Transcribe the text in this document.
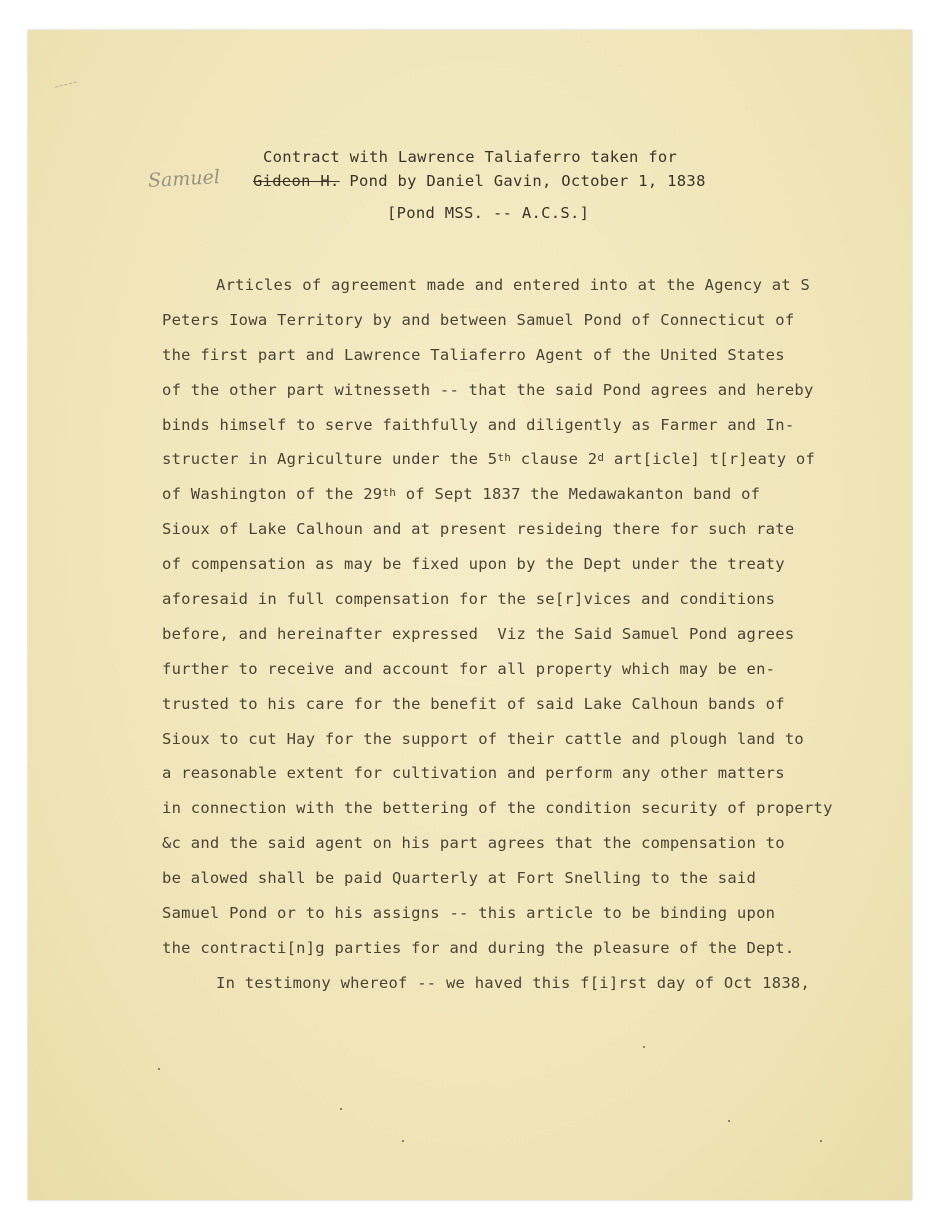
Contract with Lawrence Taliaferro taken for
Samuel Gideon H. Pond by Daniel Gavin, October 1, 1838
[Pond MSS. -- A.C.S.]
Articles of agreement made and entered into at the Agency at S
Peters Iowa Territory by and between Samuel Pond of Connecticut of
the first part and Lawrence Taliaferro Agent of the United States
of the other part witnesseth -- that the said Pond agrees and hereby
binds himself to serve faithfully and diligently as Farmer and In-
structer in Agriculture under the 5th clause 2$^d$ art[icle] t[r]eaty of
of Washington of the 29th of Sept 1837 the Medawakanton band of
Sioux of Lake Calhoun and at present resideing there for such rate
of compensation as may be fixed upon by the Dept under the treaty
aforesaid in full compensation for the se[r]vices and conditions
before, and hereinafter expressed  Viz the Said Samuel Pond agrees
further to receive and account for all property which may be en-
trusted to his care for the benefit of said Lake Calhoun bands of
Sioux to cut Hay for the support of their cattle and plough land to
a reasonable extent for cultivation and perform any other matters
in connection with the bettering of the condition security of property
&c and the said agent on his part agrees that the compensation to
be alowed shall be paid Quarterly at Fort Snelling to the said
Samuel Pond or to his assigns -- this article to be binding upon
the contracti[n]g parties for and during the pleasure of the Dept.
In testimony whereof -- we haved this f[i]rst day of Oct 1838,
